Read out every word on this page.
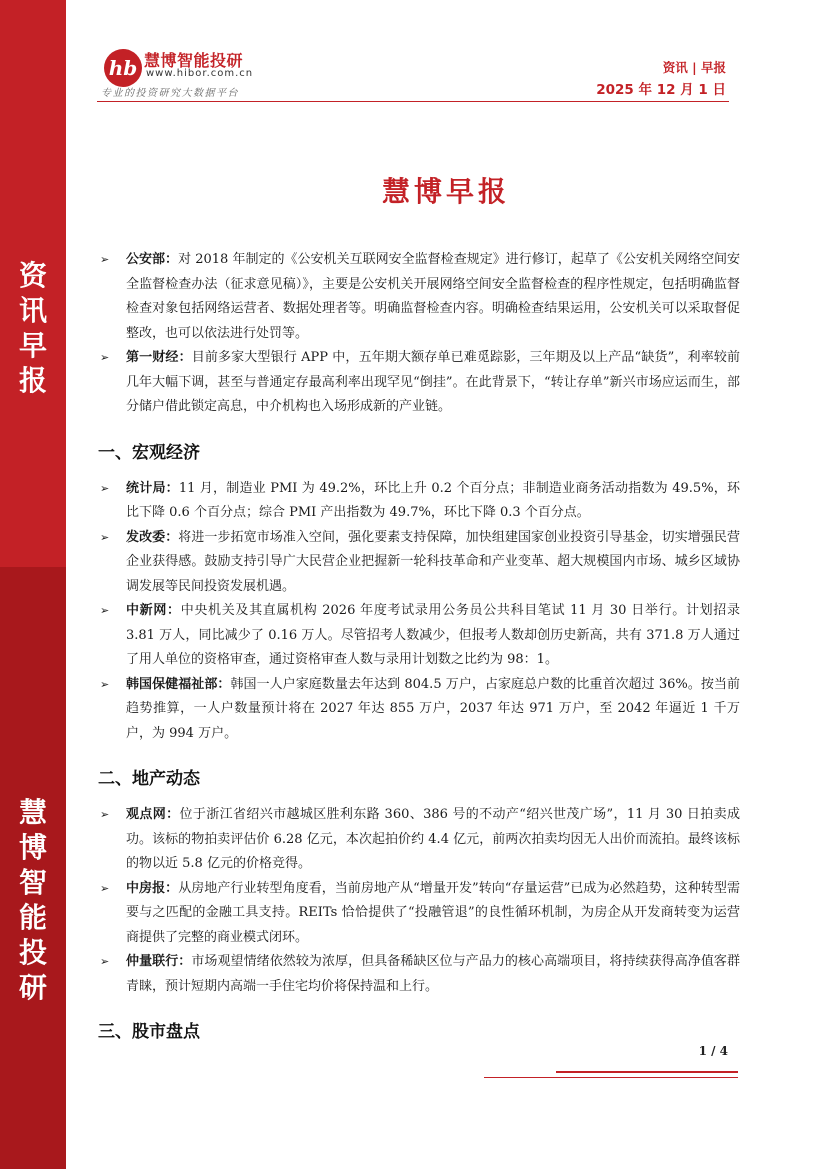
资
讯
早
报
慧
博
智
能
投
研
hb 慧博智能投研
www.hibor.com.cn
专业的投资研究大数据平台
资讯 | 早报
2025 年 12 月 1 日
慧博早报
➢ 公安部：对 2018 年制定的《公安机关互联网安全监督检查规定》进行修订，起草了《公安机关网络空间安全监督检查办法（征求意见稿）》，主要是公安机关开展网络空间安全监督检查的程序性规定，包括明确监督检查对象包括网络运营者、数据处理者等。明确监督检查内容。明确检查结果运用，公安机关可以采取督促整改，也可以依法进行处罚等。
➢ 第一财经：目前多家大型银行 APP 中，五年期大额存单已难觅踪影，三年期及以上产品“缺货”，利率较前几年大幅下调，甚至与普通定存最高利率出现罕见“倒挂”。在此背景下，“转让存单”新兴市场应运而生，部分储户借此锁定高息，中介机构也入场形成新的产业链。
一、宏观经济
➢ 统计局：11 月，制造业 PMI 为 49.2%，环比上升 0.2 个百分点；非制造业商务活动指数为 49.5%，环比下降 0.6 个百分点；综合 PMI 产出指数为 49.7%，环比下降 0.3 个百分点。
➢ 发改委：将进一步拓宽市场准入空间，强化要素支持保障，加快组建国家创业投资引导基金，切实增强民营企业获得感。鼓励支持引导广大民营企业把握新一轮科技革命和产业变革、超大规模国内市场、城乡区域协调发展等民间投资发展机遇。
➢ 中新网：中央机关及其直属机构 2026 年度考试录用公务员公共科目笔试 11 月 30 日举行。计划招录 3.81 万人，同比减少了 0.16 万人。尽管招考人数减少，但报考人数却创历史新高，共有 371.8 万人通过了用人单位的资格审查，通过资格审查人数与录用计划数之比约为 98：1。
➢ 韩国保健福祉部：韩国一人户家庭数量去年达到 804.5 万户，占家庭总户数的比重首次超过 36%。按当前趋势推算，一人户数量预计将在 2027 年达 855 万户，2037 年达 971 万户，至 2042 年逼近 1 千万户，为 994 万户。
二、地产动态
➢ 观点网：位于浙江省绍兴市越城区胜利东路 360、386 号的不动产“绍兴世茂广场”，11 月 30 日拍卖成功。该标的物拍卖评估价 6.28 亿元，本次起拍价约 4.4 亿元，前两次拍卖均因无人出价而流拍。最终该标的物以近 5.8 亿元的价格竞得。
➢ 中房报：从房地产行业转型角度看，当前房地产从“增量开发”转向“存量运营”已成为必然趋势，这种转型需要与之匹配的金融工具支持。REITs 恰恰提供了“投融管退”的良性循环机制，为房企从开发商转变为运营商提供了完整的商业模式闭环。
➢ 仲量联行：市场观望情绪依然较为浓厚，但具备稀缺区位与产品力的核心高端项目，将持续获得高净值客群青睐，预计短期内高端一手住宅均价将保持温和上行。
三、股市盘点
1 / 4
